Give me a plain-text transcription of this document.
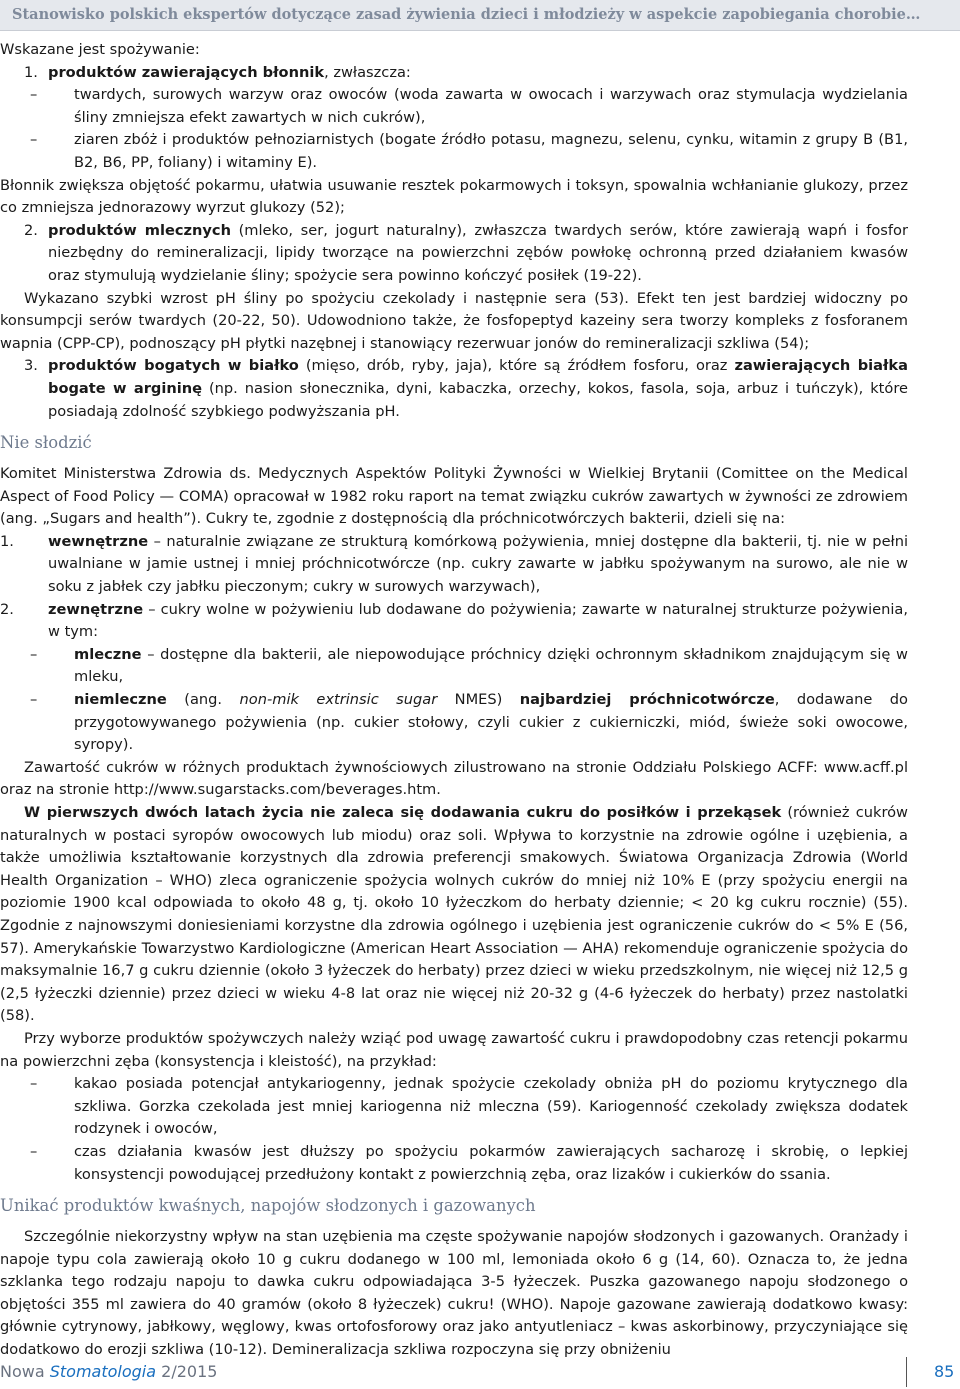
Stanowisko polskich ekspertów dotyczące zasad żywienia dzieci i młodzieży w aspekcie zapobiegania chorobie…

Wskazane jest spożywanie:

1. produktów zawierających błonnik, zwłaszcza:

– twardych, surowych warzyw oraz owoców (woda zawarta w owocach i warzywach oraz stymulacja wydzielania śliny zmniejsza efekt zawartych w nich cukrów),

– ziaren zbóż i produktów pełnoziarnistych (bogate źródło potasu, magnezu, selenu, cynku, witamin z grupy B (B1, B2, B6, PP, foliany) i witaminy E).

Błonnik zwiększa objętość pokarmu, ułatwia usuwanie resztek pokarmowych i toksyn, spowalnia wchłanianie glukozy, przez co zmniejsza jednorazowy wyrzut glukozy (52);

2. produktów mlecznych (mleko, ser, jogurt naturalny), zwłaszcza twardych serów, które zawierają wapń i fosfor niezbędny do remineralizacji, lipidy tworzące na powierzchni zębów powłokę ochronną przed działaniem kwasów oraz stymulują wydzielanie śliny; spożycie sera powinno kończyć posiłek (19-22).

Wykazano szybki wzrost pH śliny po spożyciu czekolady i następnie sera (53). Efekt ten jest bardziej widoczny po konsumpcji serów twardych (20-22, 50). Udowodniono także, że fosfopeptyd kazeiny sera tworzy kompleks z fosforanem wapnia (CPP-CP), podnoszący pH płytki nazębnej i stanowiący rezerwuar jonów do remineralizacji szkliwa (54);

3. produktów bogatych w białko (mięso, drób, ryby, jaja), które są źródłem fosforu, oraz zawierających białka bogate w argininę (np. nasion słonecznika, dyni, kabaczka, orzechy, kokos, fasola, soja, arbuz i tuńczyk), które posiadają zdolność szybkiego podwyższania pH.

Nie słodzić

Komitet Ministerstwa Zdrowia ds. Medycznych Aspektów Polityki Żywności w Wielkiej Brytanii (Comittee on the Medical Aspect of Food Policy — COMA) opracował w 1982 roku raport na temat związku cukrów zawartych w żywności ze zdrowiem (ang. „Sugars and health”). Cukry te, zgodnie z dostępnością dla próchnicotwórczych bakterii, dzieli się na:

1. wewnętrzne – naturalnie związane ze strukturą komórkową pożywienia, mniej dostępne dla bakterii, tj. nie w pełni uwalniane w jamie ustnej i mniej próchnicotwórcze (np. cukry zawarte w jabłku spożywanym na surowo, ale nie w soku z jabłek czy jabłku pieczonym; cukry w surowych warzywach),

2. zewnętrzne – cukry wolne w pożywieniu lub dodawane do pożywienia; zawarte w naturalnej strukturze pożywienia, w tym:

– mleczne – dostępne dla bakterii, ale niepowodujące próchnicy dzięki ochronnym składnikom znajdującym się w mleku,

– niemleczne (ang. non-mik extrinsic sugar NMES) najbardziej próchnicotwórcze, dodawane do przygotowywanego pożywienia (np. cukier stołowy, czyli cukier z cukierniczki, miód, świeże soki owocowe, syropy).

Zawartość cukrów w różnych produktach żywnościowych zilustrowano na stronie Oddziału Polskiego ACFF: www.acff.pl oraz na stronie http://www.sugarstacks.com/beverages.htm.

W pierwszych dwóch latach życia nie zaleca się dodawania cukru do posiłków i przekąsek (również cukrów naturalnych w postaci syropów owocowych lub miodu) oraz soli. Wpływa to korzystnie na zdrowie ogólne i uzębienia, a także umożliwia kształtowanie korzystnych dla zdrowia preferencji smakowych. Światowa Organizacja Zdrowia (World Health Organization – WHO) zleca ograniczenie spożycia wolnych cukrów do mniej niż 10% E (przy spożyciu energii na poziomie 1900 kcal odpowiada to około 48 g, tj. około 10 łyżeczkom do herbaty dziennie; < 20 kg cukru rocznie) (55). Zgodnie z najnowszymi doniesieniami korzystne dla zdrowia ogólnego i uzębienia jest ograniczenie cukrów do < 5% E (56, 57). Amerykańskie Towarzystwo Kardiologiczne (American Heart Association — AHA) rekomenduje ograniczenie spożycia do maksymalnie 16,7 g cukru dziennie (około 3 łyżeczek do herbaty) przez dzieci w wieku przedszkolnym, nie więcej niż 12,5 g (2,5 łyżeczki dziennie) przez dzieci w wieku 4-8 lat oraz nie więcej niż 20-32 g (4-6 łyżeczek do herbaty) przez nastolatki (58).

Przy wyborze produktów spożywczych należy wziąć pod uwagę zawartość cukru i prawdopodobny czas retencji pokarmu na powierzchni zęba (konsystencja i kleistość), na przykład:

– kakao posiada potencjał antykariogenny, jednak spożycie czekolady obniża pH do poziomu krytycznego dla szkliwa. Gorzka czekolada jest mniej kariogenna niż mleczna (59). Kariogenność czekolady zwiększa dodatek rodzynek i owoców,

– czas działania kwasów jest dłuższy po spożyciu pokarmów zawierających sacharozę i skrobię, o lepkiej konsystencji powodującej przedłużony kontakt z powierzchnią zęba, oraz lizaków i cukierków do ssania.

Unikać produktów kwaśnych, napojów słodzonych i gazowanych

Szczególnie niekorzystny wpływ na stan uzębienia ma częste spożywanie napojów słodzonych i gazowanych. Oranżady i napoje typu cola zawierają około 10 g cukru dodanego w 100 ml, lemoniada około 6 g (14, 60). Oznacza to, że jedna szklanka tego rodzaju napoju to dawka cukru odpowiadająca 3-5 łyżeczek. Puszka gazowanego napoju słodzonego o objętości 355 ml zawiera do 40 gramów (około 8 łyżeczek) cukru! (WHO). Napoje gazowane zawierają dodatkowo kwasy: głównie cytrynowy, jabłkowy, węglowy, kwas ortofosforowy oraz jako antyutleniacz – kwas askorbinowy, przyczyniające się dodatkowo do erozji szkliwa (10-12). Demineralizacja szkliwa rozpoczyna się przy obniżeniu

Nowa Stomatologia 2/2015	85
